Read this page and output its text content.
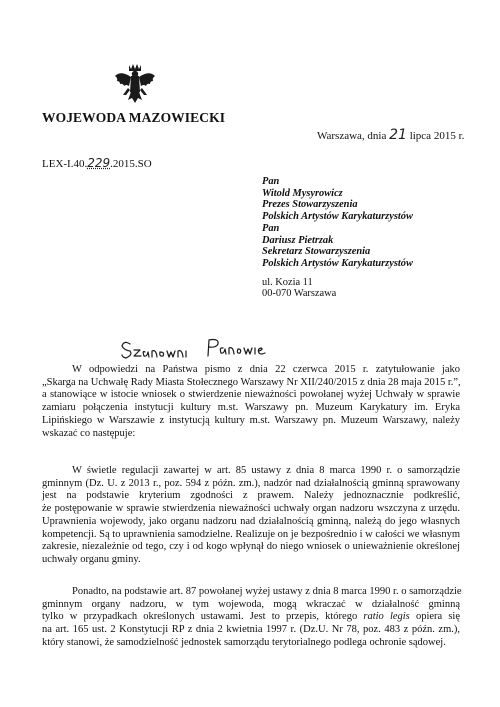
WOJEWODA MAZOWIECKI
Warszawa, dnia 21 lipca 2015 r.
LEX-I.40.229.2015.SO
Pan
Witold Mysyrowicz
Prezes Stowarzyszenia
Polskich Artystów Karykaturzystów
Pan
Dariusz Pietrzak
Sekretarz Stowarzyszenia
Polskich Artystów Karykaturzystów
ul. Kozia 11
00-070 Warszawa
W odpowiedzi na Państwa pismo z dnia 22 czerwca 2015 r. zatytułowanie jako
„Skarga na Uchwałę Rady Miasta Stołecznego Warszawy Nr XII/240/2015 z dnia 28 maja 2015 r.”,
a stanowiące w istocie wniosek o stwierdzenie nieważności powołanej wyżej Uchwały w sprawie
zamiaru połączenia instytucji kultury m.st. Warszawy pn. Muzeum Karykatury im. Eryka
Lipińskiego w Warszawie z instytucją kultury m.st. Warszawy pn. Muzeum Warszawy, należy
wskazać co następuje:
W świetle regulacji zawartej w art. 85 ustawy z dnia 8 marca 1990 r. o samorządzie
gminnym (Dz. U. z 2013 r., poz. 594 z późn. zm.), nadzór nad działalnością gminną sprawowany
jest na podstawie kryterium zgodności z prawem. Należy jednoznacznie podkreślić,
że postępowanie w sprawie stwierdzenia nieważności uchwały organ nadzoru wszczyna z urzędu.
Uprawnienia wojewody, jako organu nadzoru nad działalnością gminną, należą do jego własnych
kompetencji. Są to uprawnienia samodzielne. Realizuje on je bezpośrednio i w całości we własnym
zakresie, niezależnie od tego, czy i od kogo wpłynął do niego wniosek o unieważnienie określonej
uchwały organu gminy.
Ponadto, na podstawie art. 87 powołanej wyżej ustawy z dnia 8 marca 1990 r. o samorządzie
gminnym organy nadzoru, w tym wojewoda, mogą wkraczać w działalność gminną
tylko w przypadkach określonych ustawami. Jest to przepis, którego ratio legis opiera się
na art. 165 ust. 2 Konstytucji RP z dnia 2 kwietnia 1997 r. (Dz.U. Nr 78, poz. 483 z późn. zm.),
który stanowi, że samodzielność jednostek samorządu terytorialnego podlega ochronie sądowej.
